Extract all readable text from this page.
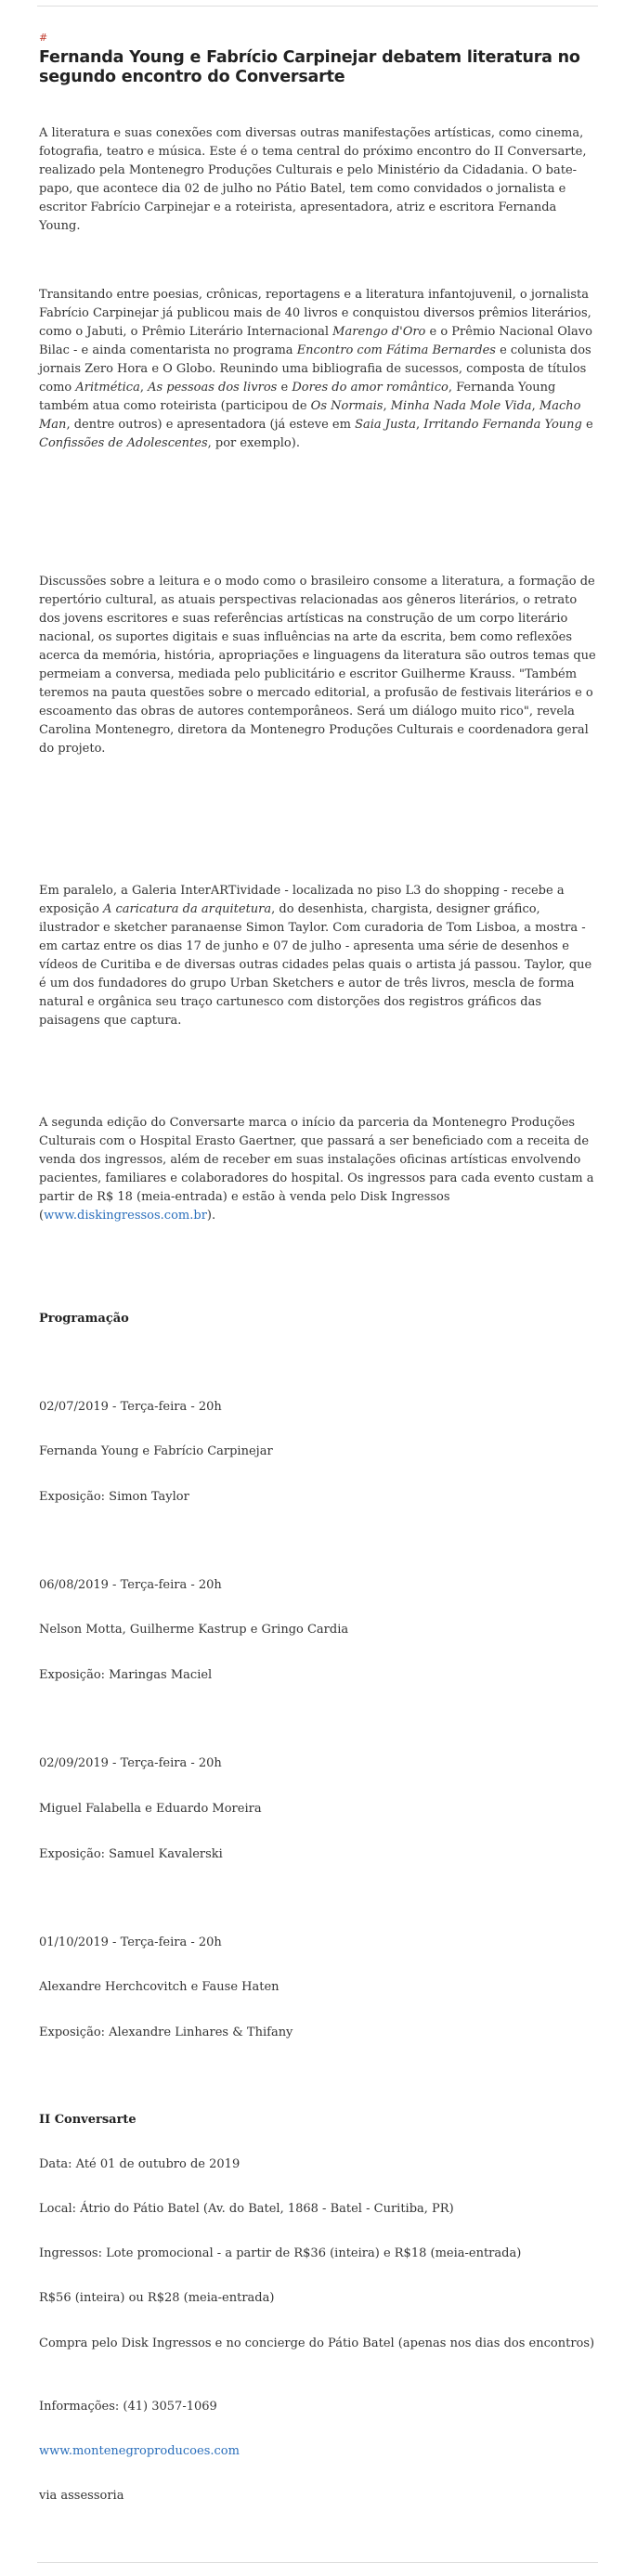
#
Fernanda Young e Fabrício Carpinejar debatem literatura no segundo encontro do Conversarte

A literatura e suas conexões com diversas outras manifestações artísticas, como cinema, fotografia, teatro e música. Este é o tema central do próximo encontro do II Conversarte, realizado pela Montenegro Produções Culturais e pelo Ministério da Cidadania. O bate-papo, que acontece dia 02 de julho no Pátio Batel, tem como convidados o jornalista e escritor Fabrício Carpinejar e a roteirista, apresentadora, atriz e escritora Fernanda Young.

Transitando entre poesias, crônicas, reportagens e a literatura infantojuvenil, o jornalista Fabrício Carpinejar já publicou mais de 40 livros e conquistou diversos prêmios literários, como o Jabuti, o Prêmio Literário Internacional Marengo d'Oro e o Prêmio Nacional Olavo Bilac - e ainda comentarista no programa Encontro com Fátima Bernardes e colunista dos jornais Zero Hora e O Globo. Reunindo uma bibliografia de sucessos, composta de títulos como Aritmética, As pessoas dos livros e Dores do amor romântico, Fernanda Young também atua como roteirista (participou de Os Normais, Minha Nada Mole Vida, Macho Man, dentre outros) e apresentadora (já esteve em Saia Justa, Irritando Fernanda Young e Confissões de Adolescentes, por exemplo).

Discussões sobre a leitura e o modo como o brasileiro consome a literatura, a formação de repertório cultural, as atuais perspectivas relacionadas aos gêneros literários, o retrato dos jovens escritores e suas referências artísticas na construção de um corpo literário nacional, os suportes digitais e suas influências na arte da escrita, bem como reflexões acerca da memória, história, apropriações e linguagens da literatura são outros temas que permeiam a conversa, mediada pelo publicitário e escritor Guilherme Krauss. "Também teremos na pauta questões sobre o mercado editorial, a profusão de festivais literários e o escoamento das obras de autores contemporâneos. Será um diálogo muito rico", revela Carolina Montenegro, diretora da Montenegro Produções Culturais e coordenadora geral do projeto.

Em paralelo, a Galeria InterARTividade - localizada no piso L3 do shopping - recebe a exposição A caricatura da arquitetura, do desenhista, chargista, designer gráfico, ilustrador e sketcher paranaense Simon Taylor. Com curadoria de Tom Lisboa, a mostra - em cartaz entre os dias 17 de junho e 07 de julho - apresenta uma série de desenhos e vídeos de Curitiba e de diversas outras cidades pelas quais o artista já passou. Taylor, que é um dos fundadores do grupo Urban Sketchers e autor de três livros, mescla de forma natural e orgânica seu traço cartunesco com distorções dos registros gráficos das paisagens que captura.

A segunda edição do Conversarte marca o início da parceria da Montenegro Produções Culturais com o Hospital Erasto Gaertner, que passará a ser beneficiado com a receita de venda dos ingressos, além de receber em suas instalações oficinas artísticas envolvendo pacientes, familiares e colaboradores do hospital. Os ingressos para cada evento custam a partir de R$ 18 (meia-entrada) e estão à venda pelo Disk Ingressos (www.diskingressos.com.br).

Programação

02/07/2019 - Terça-feira - 20h

Fernanda Young e Fabrício Carpinejar

Exposição: Simon Taylor

06/08/2019 - Terça-feira - 20h

Nelson Motta, Guilherme Kastrup e Gringo Cardia

Exposição: Maringas Maciel

02/09/2019 - Terça-feira - 20h

Miguel Falabella e Eduardo Moreira

Exposição: Samuel Kavalerski

01/10/2019 - Terça-feira - 20h

Alexandre Herchcovitch e Fause Haten

Exposição: Alexandre Linhares & Thifany

II Conversarte

Data: Até 01 de outubro de 2019

Local: Átrio do Pátio Batel (Av. do Batel, 1868 - Batel - Curitiba, PR)

Ingressos: Lote promocional - a partir de R$36 (inteira) e R$18 (meia-entrada)

R$56 (inteira) ou R$28 (meia-entrada)

Compra pelo Disk Ingressos e no concierge do Pátio Batel (apenas nos dias dos encontros)

Informações: (41) 3057-1069

www.montenegroproducoes.com

via assessoria
